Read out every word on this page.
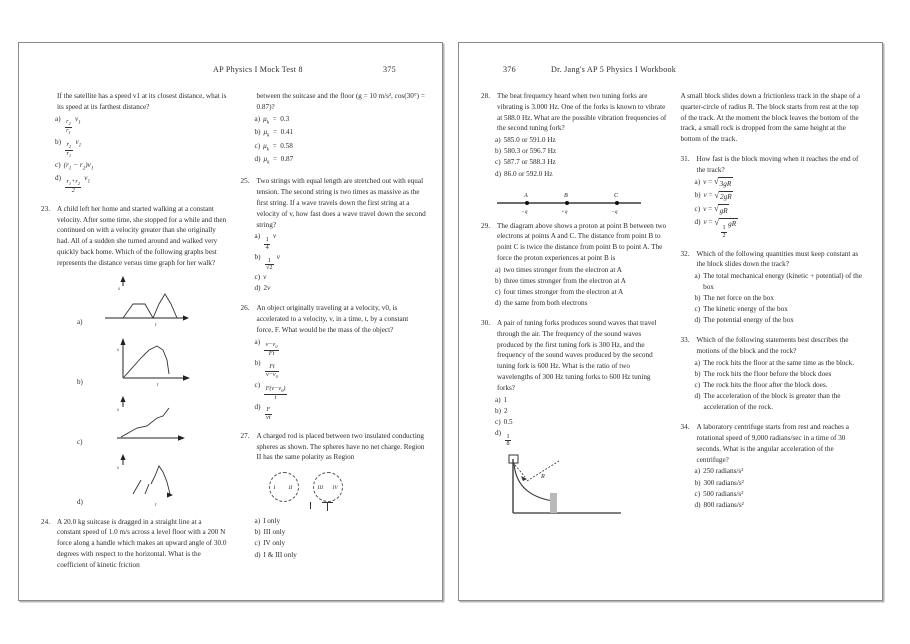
AP Physics I Mock Test 8	375
If the satellite has a speed v1 at its closest distance, what is its speed at its farthest distance?
a)
$\frac{r_2}{r_1}$
$v_1$
b)
$\frac{r_2}{r_1}$
$v_1$
c) $(r_1 - r_2)v_1$
d)
$\frac{r_1+r_2}{2}$
$v_1$
23. A child left her home and started walking at a constant velocity. After some time, she stopped for a while and then continued on with a velocity greater than she originally had. All of a sudden she turned around and walked very quickly back home. Which of the following graphs best represents the distance versus time graph for her walk?
a)
s
t
b)
s
t
c)
s
d)
s
t
24. A 20.0 kg suitcase is dragged in a straight line at a constant speed of 1.0 m/s across a level floor with a 200 N force along a handle which makes an upward angle of 30.0 degrees with respect to the horizontal. What is the coefficient of kinetic friction
between the suitcase and the floor (g = 10 m/s², cos(30°) = 0.87)?
a) $\mu_k = 0.3$
b) $\mu_k = 0.41$
c) $\mu_k = 0.58$
d) $\mu_k = 0.87$
25. Two strings with equal length are stretched out with equal tension. The second string is two times as massive as the first string. If a wave travels down the first string at a velocity of v, how fast does a wave travel down the second string?
a)
$\frac{1}{4}$
v
b)
$\frac{1}{√2}$
v
c) v
d) 2v
26. An object originally traveling at a velocity, v0, is accelerated to a velocity, v, in a time, t, by a constant force, F. What would be the mass of the object?
a)
$\frac{v-v_0}{Ft}$
b)
$\frac{Ft}{v-v_0}$
c)
$\frac{F(v-v_0)}{t}$
d)
$\frac{F}{vt}$
27. A charged rod is placed between two insulated conducting spheres as shown. The spheres have no net charge. Region II has the same polarity as Region
I II	III IV
a) I only
b) III only
c) IV only
d) I & III only
376	Dr. Jang's AP 5 Physics I Workbook
28. The beat frequency heard when two tuning forks are vibrating is 3.000 Hz. One of the forks is known to vibrate at 588.0 Hz. What are the possible vibration frequencies of the second tuning fork?
a) 585.0 or 591.0 Hz
b) 580.3 or 596.7 Hz
c) 587.7 or 588.3 Hz
d) 86.0 or 592.0 Hz
A	B	C
−q	+q	−q
29. The diagram above shows a proton at point B between two electrons at points A and C. The distance from point B to point C is twice the distance from point B to point A. The force the proton experiences at point B is
a) two times stronger from the electron at A
b) three times stronger from the electron at A
c) four times stronger from the electron at A
d) the same from both electrons
30. A pair of tuning forks produces sound waves that travel through the air. The frequency of the sound waves produced by the first tuning fork is 300 Hz, and the frequency of the sound waves produced by the second tuning fork is 600 Hz. What is the ratio of two wavelengths of 300 Hz tuning forks to 600 Hz tuning forks?
a) 1
b) 2
c) 0.5
d)
$\frac{1}{8}$
R
A small block slides down a frictionless track in the shape of a quarter-circle of radius R. The block starts from rest at the top of the track. At the moment the block leaves the bottom of the track, a small rock is dropped from the same height at the bottom of the track.
31. How fast is the block moving when it reaches the end of the track?
a) v = √ 3gR
b) v = √ 2gR
c) v = √ gR
d) v = √
$\frac{1}{2}$
gR
32. Which of the following quantities must keep constant as the block slides down the track?
a) The total mechanical energy (kinetic + potential) of the box
b) The net force on the box
c) The kinetic energy of the box
d) The potential energy of the box
33. Which of the following statements best describes the motions of the block and the rock?
a) The rock hits the floor at the same time as the block.
b) The rock hits the floor before the block does
c) The rock hits the floor after the block does.
d) The acceleration of the block is greater than the acceleration of the rock.
34. A laboratory centrifuge starts from rest and reaches a rotational speed of 9,000 radians/sec in a time of 30 seconds. What is the angular acceleration of the centrifuge?
a) 250 radians/s²
b) 300 radians/s²
c) 500 radians/s²
d) 800 radians/s²
